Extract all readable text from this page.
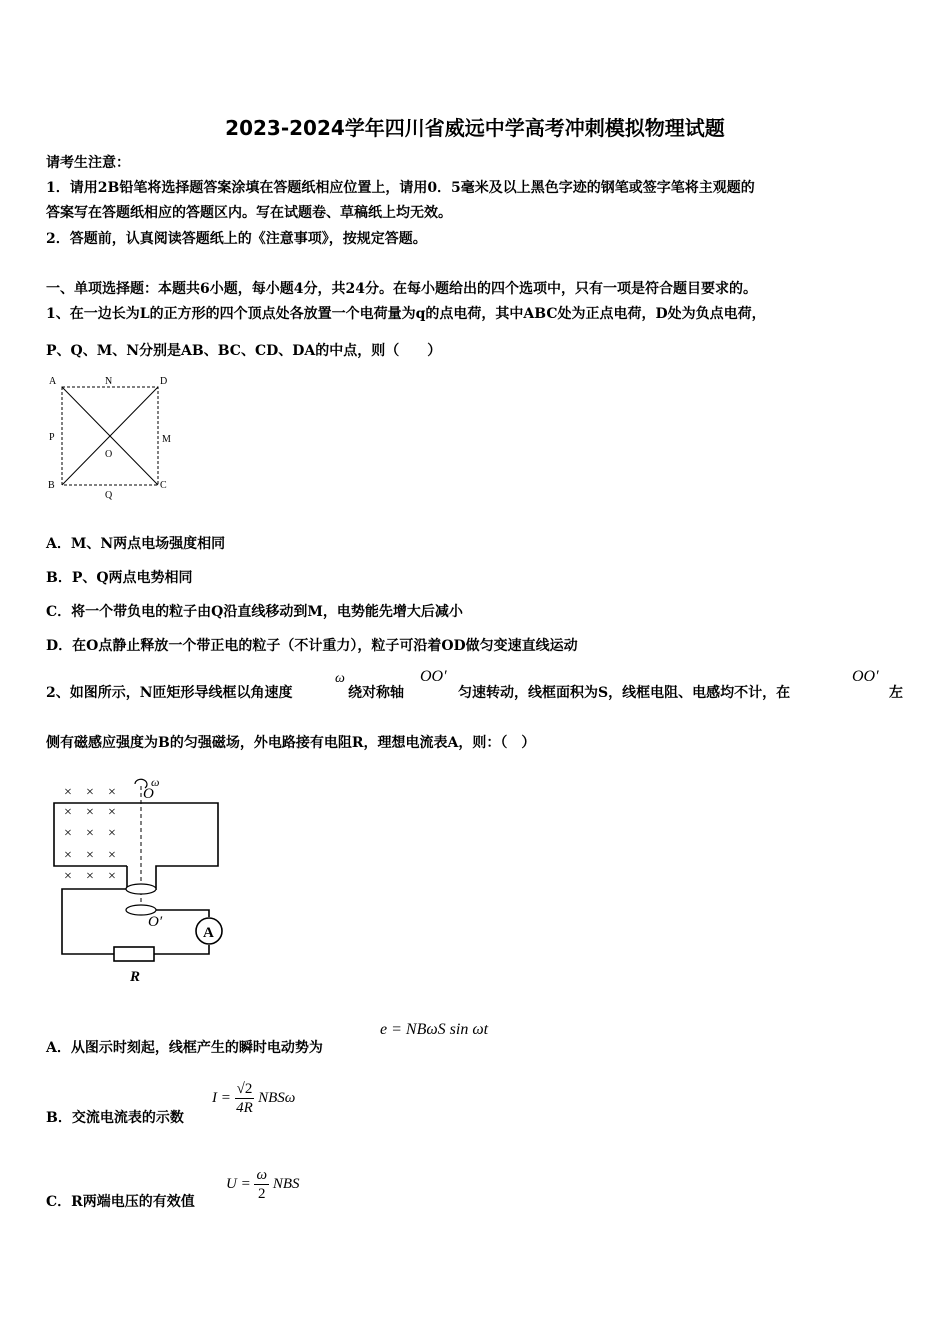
2023-2024学年四川省威远中学高考冲刺模拟物理试题
请考生注意：
1．请用2B铅笔将选择题答案涂填在答题纸相应位置上，请用0．5毫米及以上黑色字迹的钢笔或签字笔将主观题的
答案写在答题纸相应的答题区内。写在试题卷、草稿纸上均无效。
2．答题前，认真阅读答题纸上的《注意事项》，按规定答题。
一、单项选择题：本题共6小题，每小题4分，共24分。在每小题给出的四个选项中，只有一项是符合题目要求的。
1、在一边长为L的正方形的四个顶点处各放置一个电荷量为q的点电荷，其中ABC处为正点电荷，D处为负点电荷，
P、Q、M、N分别是AB、BC、CD、DA的中点，则（　　）
A	N	D
P	M
O
B
Q
C
A．M、N两点电场强度相同
B．P、Q两点电势相同
C．将一个带负电的粒子由Q沿直线移动到M，电势能先增大后减小
D．在O点静止释放一个带正电的粒子（不计重力），粒子可沿着OD做匀变速直线运动
2、如图所示，N匝矩形导线框以角速度
ω
绕对称轴
OO′
匀速转动，线框面积为S，线框电阻、电感均不计，在
OO′
左
侧有磁感应强度为B的匀强磁场，外电路接有电阻R，理想电流表A，则：（　）
× × ×
× × ×
× × ×
× × ×
× × ×
O
ω
O′
R
A
A．从图示时刻起，线框产生的瞬时电动势为
e = NBωS sin ωt
B．交流电流表的示数
$I = \frac{√2}{4R}$ NBSω
C．R两端电压的有效值
$U = \frac{\omega}{2}$ NBS
